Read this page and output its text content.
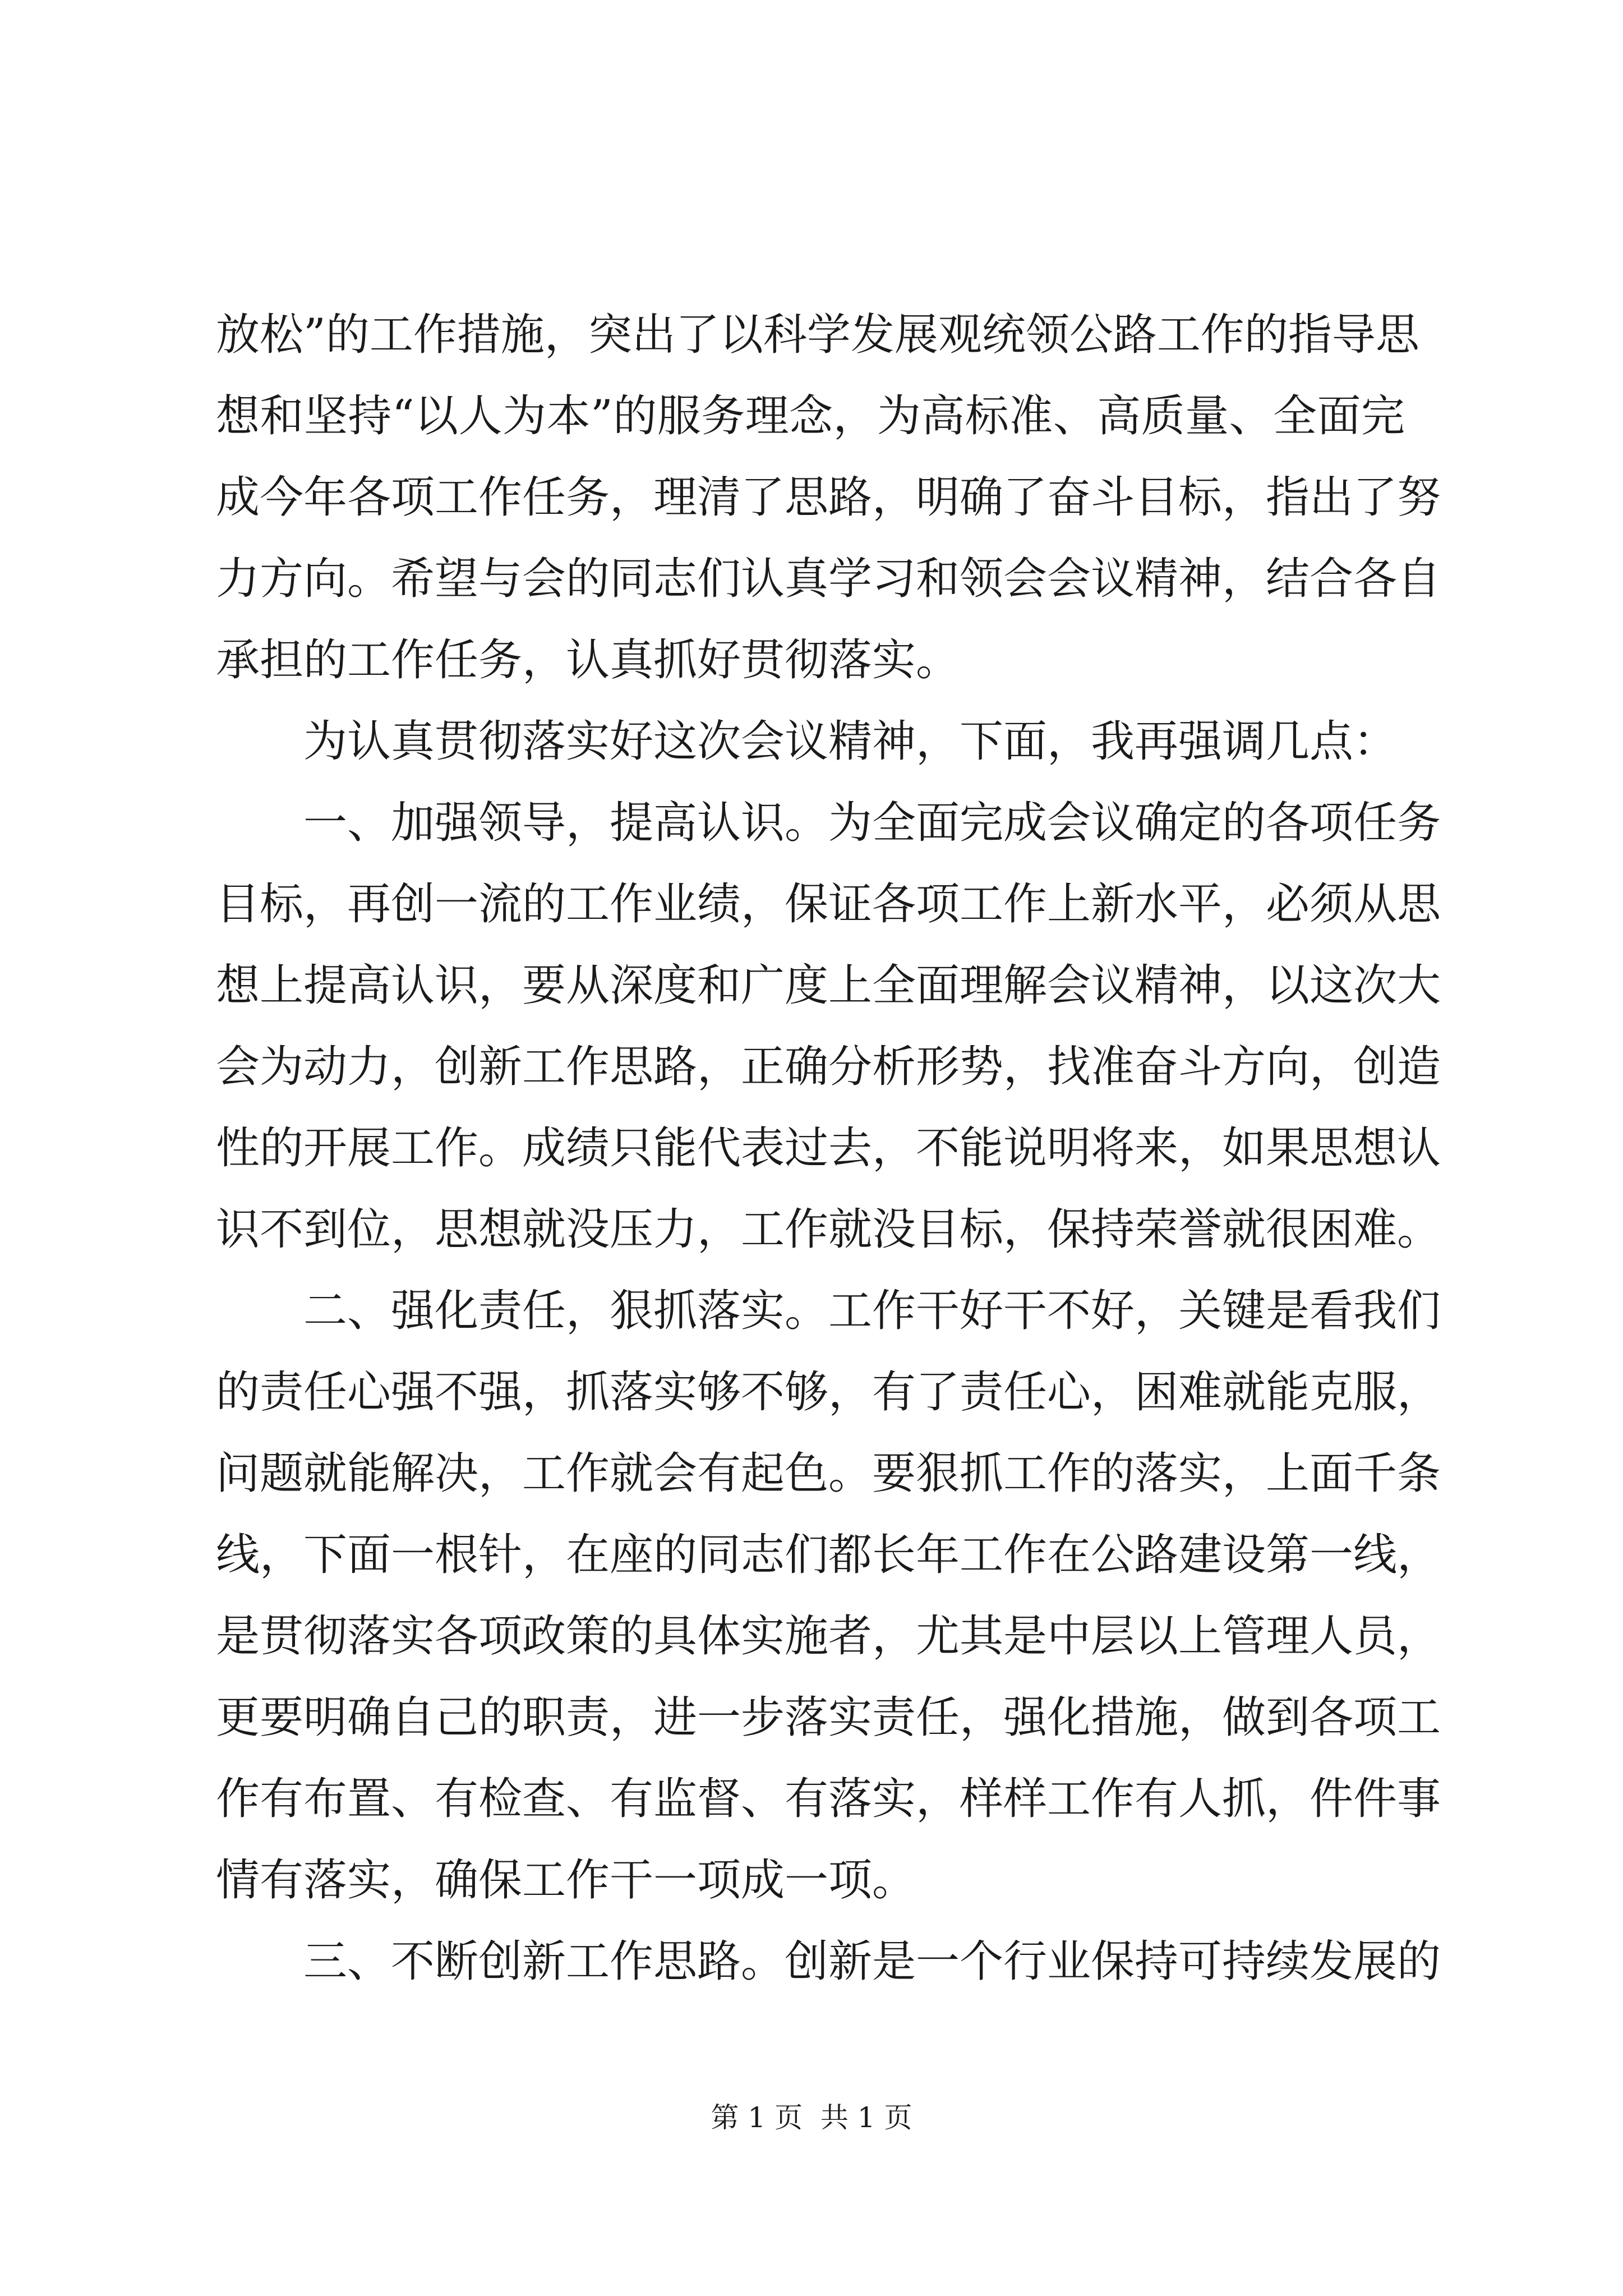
放松”的工作措施，突出了以科学发展观统领公路工作的指导思
想和坚持“以人为本”的服务理念，为高标准、高质量、全面完
成今年各项工作任务，理清了思路，明确了奋斗目标，指出了努
力方向。希望与会的同志们认真学习和领会会议精神，结合各自
承担的工作任务，认真抓好贯彻落实。
为认真贯彻落实好这次会议精神，下面，我再强调几点：
一、加强领导，提高认识。为全面完成会议确定的各项任务
目标，再创一流的工作业绩，保证各项工作上新水平，必须从思
想上提高认识，要从深度和广度上全面理解会议精神，以这次大
会为动力，创新工作思路，正确分析形势，找准奋斗方向，创造
性的开展工作。成绩只能代表过去，不能说明将来，如果思想认
识不到位，思想就没压力，工作就没目标，保持荣誉就很困难。
二、强化责任，狠抓落实。工作干好干不好，关键是看我们
的责任心强不强，抓落实够不够，有了责任心，困难就能克服，
问题就能解决，工作就会有起色。要狠抓工作的落实，上面千条
线，下面一根针，在座的同志们都长年工作在公路建设第一线，
是贯彻落实各项政策的具体实施者，尤其是中层以上管理人员，
更要明确自己的职责，进一步落实责任，强化措施，做到各项工
作有布置、有检查、有监督、有落实，样样工作有人抓，件件事
情有落实，确保工作干一项成一项。
三、不断创新工作思路。创新是一个行业保持可持续发展的
第 1 页  共 1 页
